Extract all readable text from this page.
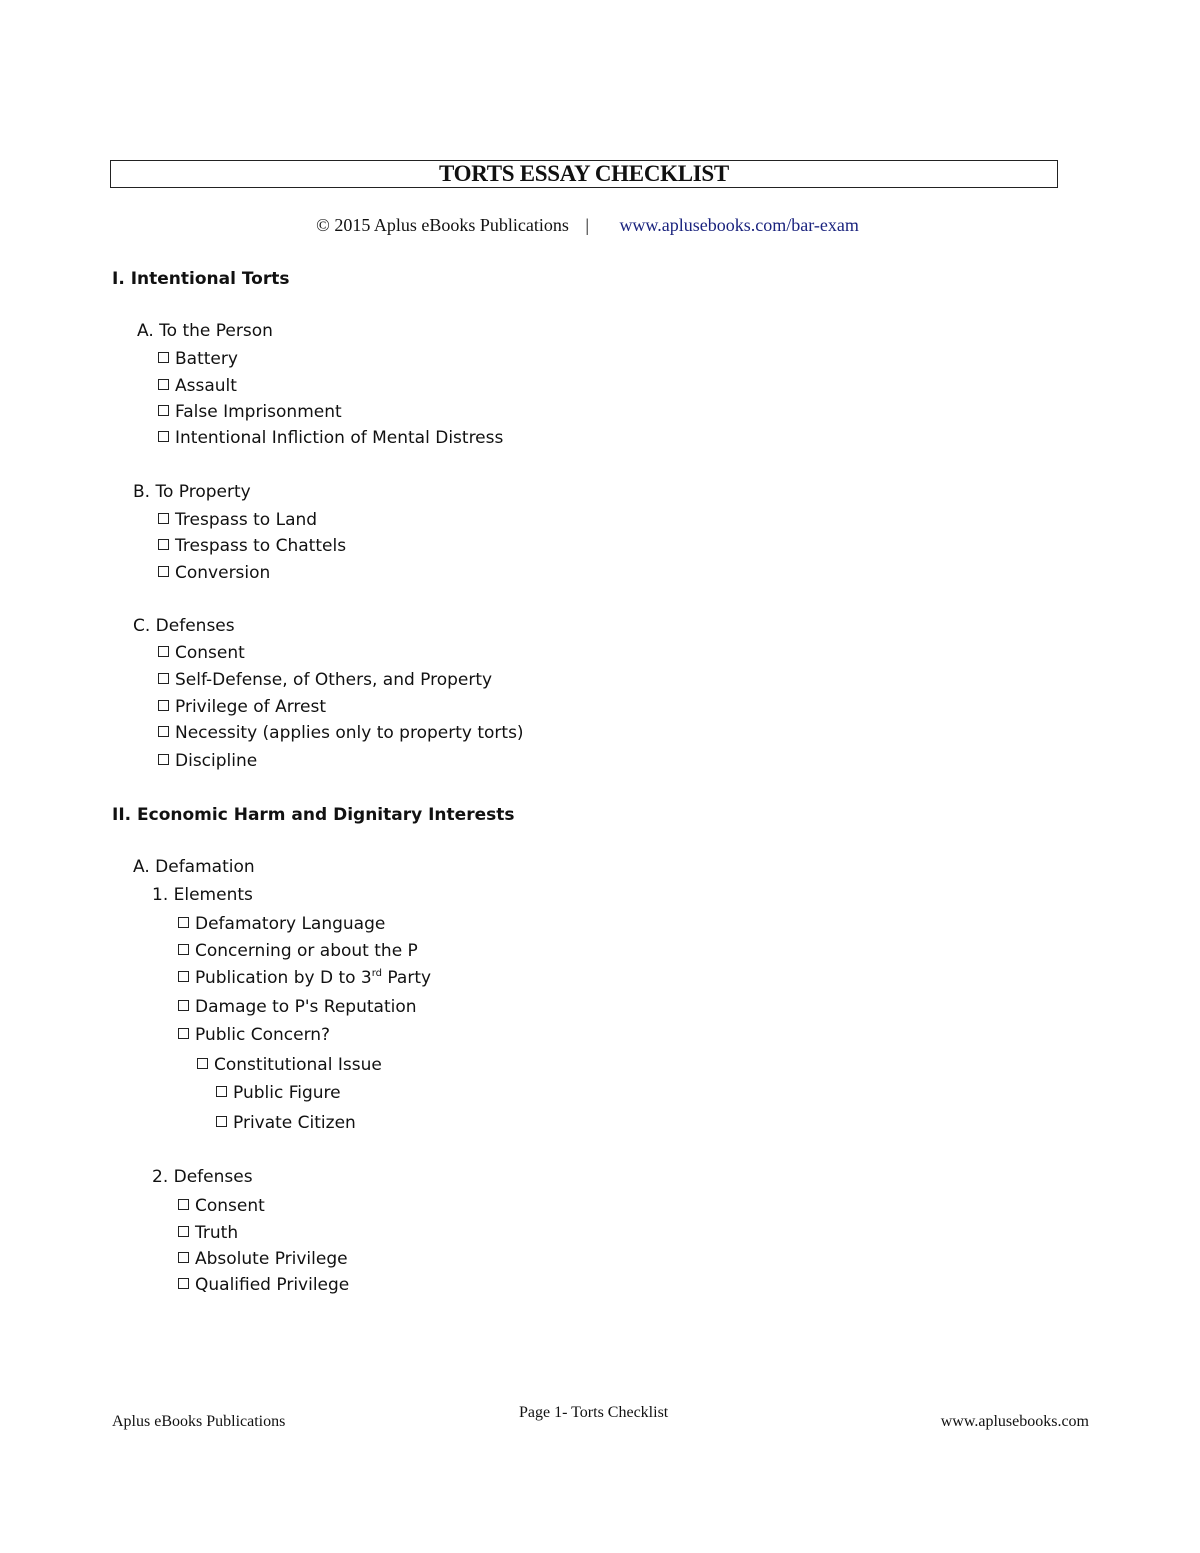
TORTS ESSAY CHECKLIST
© 2015 Aplus eBooks Publications | www.aplusebooks.com/bar-exam
I. Intentional Torts
A. To the Person
Battery
Assault
False Imprisonment
Intentional Infliction of Mental Distress
B. To Property
Trespass to Land
Trespass to Chattels
Conversion
C. Defenses
Consent
Self-Defense, of Others, and Property
Privilege of Arrest
Necessity (applies only to property torts)
Discipline
II. Economic Harm and Dignitary Interests
A. Defamation
1. Elements
Defamatory Language
Concerning or about the P
Publication by D to 3rd Party
Damage to P's Reputation
Public Concern?
Constitutional Issue
Public Figure
Private Citizen
2. Defenses
Consent
Truth
Absolute Privilege
Qualified Privilege
Aplus eBooks Publications
Page 1- Torts Checklist
www.aplusebooks.com
